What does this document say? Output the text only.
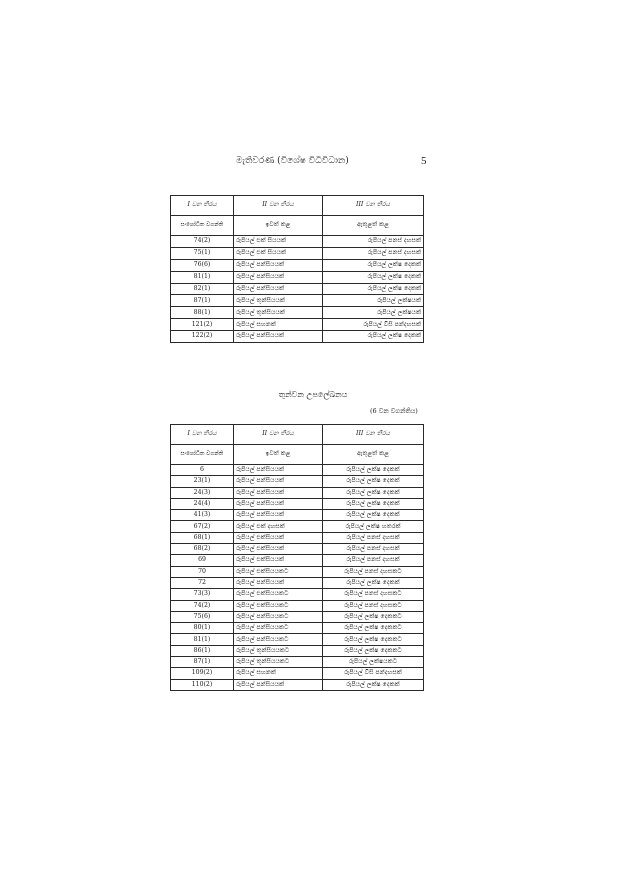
මැතිවරණ (විශේෂ විධිවිධාන)	5
I වන තීරය	II වන තීරය	III වන තීරය
සංශෝධිත වගන්ති	ඉවත් කළ	ඇතුළත් කළ
74(2)	රුපියල් එක් සියයක්	රුපියල් පනස් දහසක්
75(1)	රුපියල් එක් සියයක්	රුපියල් පනස් දහසක්
76(6)	රුපියල් පන්සියයක්	රුපියල් ලක්ෂ දෙකක්
81(1)	රුපියල් පන්සියයක්	රුපියල් ලක්ෂ දෙකක්
82(1)	රුපියල් පන්සියයක්	රුපියල් ලක්ෂ දෙකක්
87(1)	රුපියල් තුන්සියයක්	රුපියල් ලක්ෂයක්
88(1)	රුපියල් තුන්සියයක්	රුපියල් ලක්ෂයක්
121(2)	රුපියල් සහනක්	රුපියල් විසි පන්දහසක්
122(2)	රුපියල් පන්සියයක්	රුපියල් ලක්ෂ දෙකක්
තුන්වන උපලේඛනය
(6 වන වගන්තිය)
I වන තීරය	II වන තීරය	III වන තීරය
සංශෝධිත වගන්ති	ඉවත් කළ	ඇතුළත් කළ
6	රුපියල් පන්සියයක්	රුපියල් ලක්ෂ දෙකක්
23(1)	රුපියල් පන්සියයක්	රුපියල් ලක්ෂ දෙකක්
24(3)	රුපියල් පන්සියයක්	රුපියල් ලක්ෂ දෙකක්
24(4)	රුපියල් පන්සියයක්	රුපියල් ලක්ෂ දෙකක්
41(3)	රුපියල් පන්සියයක්	රුපියල් ලක්ෂ දෙකක්
67(2)	රුපියල් එක් දහසක්	රුපියල් ලක්ෂ හතරක්
68(1)	රුපියල් එක්සියයක්	රුපියල් පනස් දහසක්
68(2)	රුපියල් එක්සියයක්	රුපියල් පනස් දහසක්
69	රුපියල් එක්සියයක්	රුපියල් පනස් දහසක්
70	රුපියල් එක්සියයකට	රුපියල් පනස් දහසකට
72	රුපියල් පන්සියයක්	රුපියල් ලක්ෂ දෙකක්
73(3)	රුපියල් එක්සියයකට	රුපියල් පනස් දහසකට
74(2)	රුපියල් එක්සියයකට	රුපියල් පනස් දහසකට
75(6)	රුපියල් පන්සියයකට	රුපියල් ලක්ෂ දෙකකට
80(1)	රුපියල් පන්සියයකට	රුපියල් ලක්ෂ දෙකකට
81(1)	රුපියල් පන්සියයකට	රුපියල් ලක්ෂ දෙකකට
86(1)	රුපියල් තුන්සියයකට	රුපියල් ලක්ෂ දෙකකට
87(1)	රුපියල් තුන්සියයකට	රුපියල් ලක්ෂයකට
109(2)	රුපියල් සහනක්	රුපියල් විසි පන්දහසක්
110(2)	රුපියල් පන්සියයක්	රුපියල් ලක්ෂ දෙකක්
